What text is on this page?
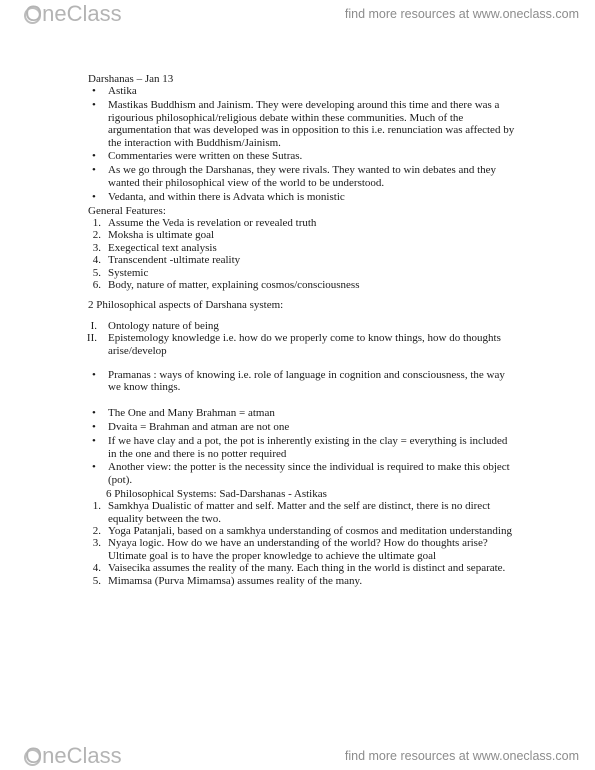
OneClass	find more resources at www.oneclass.com

Darshanas – Jan 13

• Astika
• Mastikas Buddhism and Jainism. They were developing around this time and there was a rigourious philosophical/religious debate within these communities. Much of the argumentation that was developed was in opposition to this i.e. renunciation was affected by the interaction with Buddhism/Jainism.
• Commentaries were written on these Sutras.
• As we go through the Darshanas, they were rivals. They wanted to win debates and they wanted their philosophical view of the world to be understood.
• Vedanta, and within there is Advata which is monistic

General Features:

1. Assume the Veda is revelation or revealed truth
2. Moksha is ultimate goal
3. Exegectical text analysis
4. Transcendent -ultimate reality
5. Systemic
6. Body, nature of matter, explaining cosmos/consciousness

2 Philosophical aspects of Darshana system:

I. Ontology nature of being
II. Epistemology knowledge i.e. how do we properly come to know things, how do thoughts arise/develop
• Pramanas : ways of knowing i.e. role of language in cognition and consciousness, the way we know things.
• The One and Many Brahman = atman
• Dvaita = Brahman and atman are not one
• If we have clay and a pot, the pot is inherently existing in the clay = everything is included in the one and there is no potter required
• Another view: the potter is the necessity since the individual is required to make this object (pot).

6 Philosophical Systems: Sad-Darshanas - Astikas

1. Samkhya Dualistic of matter and self. Matter and the self are distinct, there is no direct equality between the two.
2. Yoga Patanjali, based on a samkhya understanding of cosmos and meditation understanding
3. Nyaya logic. How do we have an understanding of the world? How do thoughts arise? Ultimate goal is to have the proper knowledge to achieve the ultimate goal
4. Vaisecika assumes the reality of the many. Each thing in the world is distinct and separate.
5. Mimamsa (Purva Mimamsa) assumes reality of the many.
OneClass	find more resources at www.oneclass.com
